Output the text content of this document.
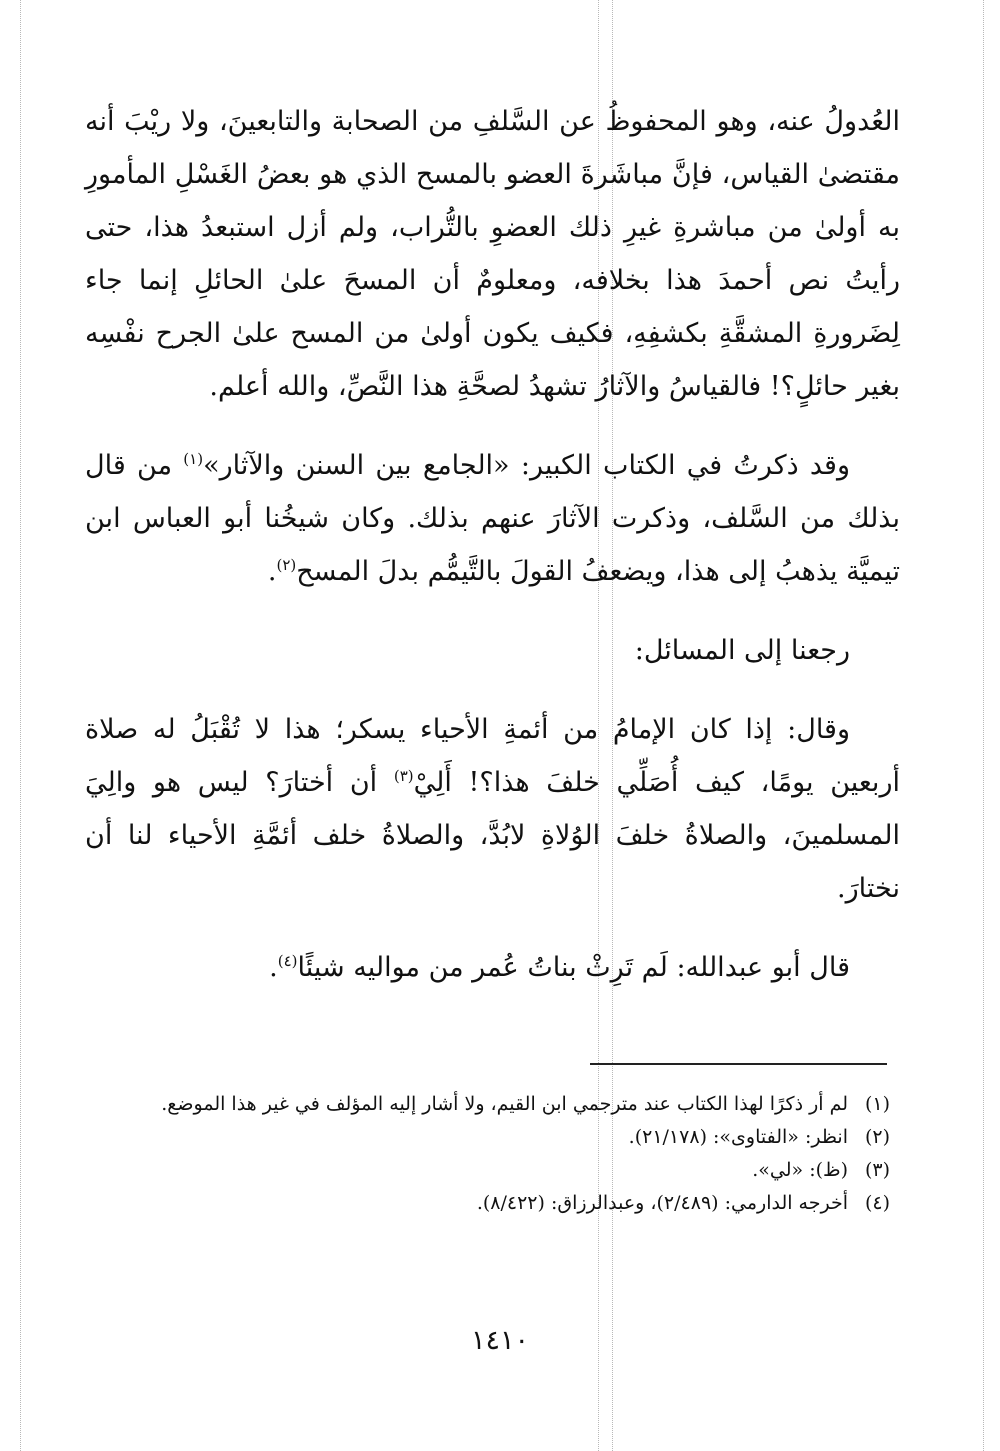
العُدولُ عنه، وهو المحفوظُ عن السَّلفِ من الصحابة والتابعينَ، ولا ريْبَ أنه مقتضىٰ القياس، فإنَّ مباشَرةَ العضو بالمسح الذي هو بعضُ الغَسْلِ المأمورِ به أولىٰ من مباشرةِ غيرِ ذلك العضوِ بالتُّراب، ولم أزل استبعدُ هذا، حتى رأيتُ نص أحمدَ هذا بخلافه، ومعلومٌ أن المسحَ علىٰ الحائلِ إنما جاء لِضَرورةِ المشقَّةِ بكشفِهِ، فكيف يكون أولىٰ من المسح علىٰ الجرح نفْسِه بغير حائلٍ؟! فالقياسُ والآثارُ تشهدُ لصحَّةِ هذا النَّصِّ، والله أعلم.

وقد ذكرتُ في الكتاب الكبير: «الجامع بين السنن والآثار»$^{(١)}$ من قال بذلك من السَّلف، وذكرت الآثارَ عنهم بذلك. وكان شيخُنا أبو العباس ابن تيميَّة يذهبُ إلى هذا، ويضعفُ القولَ بالتَّيمُّم بدلَ المسح$^{(٢)}$.

رجعنا إلى المسائل:

وقال: إذا كان الإمامُ من أئمةِ الأحياء يسكر؛ هذا لا تُقْبَلُ له صلاة أربعين يومًا، كيف أُصَلِّي خلفَ هذا؟! أَلِيْ$^{(٣)}$ أن أختارَ؟ ليس هو والِيَ المسلمينَ، والصلاةُ خلفَ الوُلاةِ لابُدَّ، والصلاةُ خلف أئمَّةِ الأحياء لنا أن نختارَ.

قال أبو عبدالله: لَم تَرِثْ بناتُ عُمر من مواليه شيئًا$^{(٤)}$.

(١)
لم أر ذكرًا لهذا الكتاب عند مترجمي ابن القيم، ولا أشار إليه المؤلف في غير هذا الموضع.
(٢)
انظر: «الفتاوى»: (٢١/١٧٨).
(٣)
(ظ): «لي».
(٤)
أخرجه الدارمي: (٢/٤٨٩)، وعبدالرزاق: (٨/٤٢٢).
١٤١٠
